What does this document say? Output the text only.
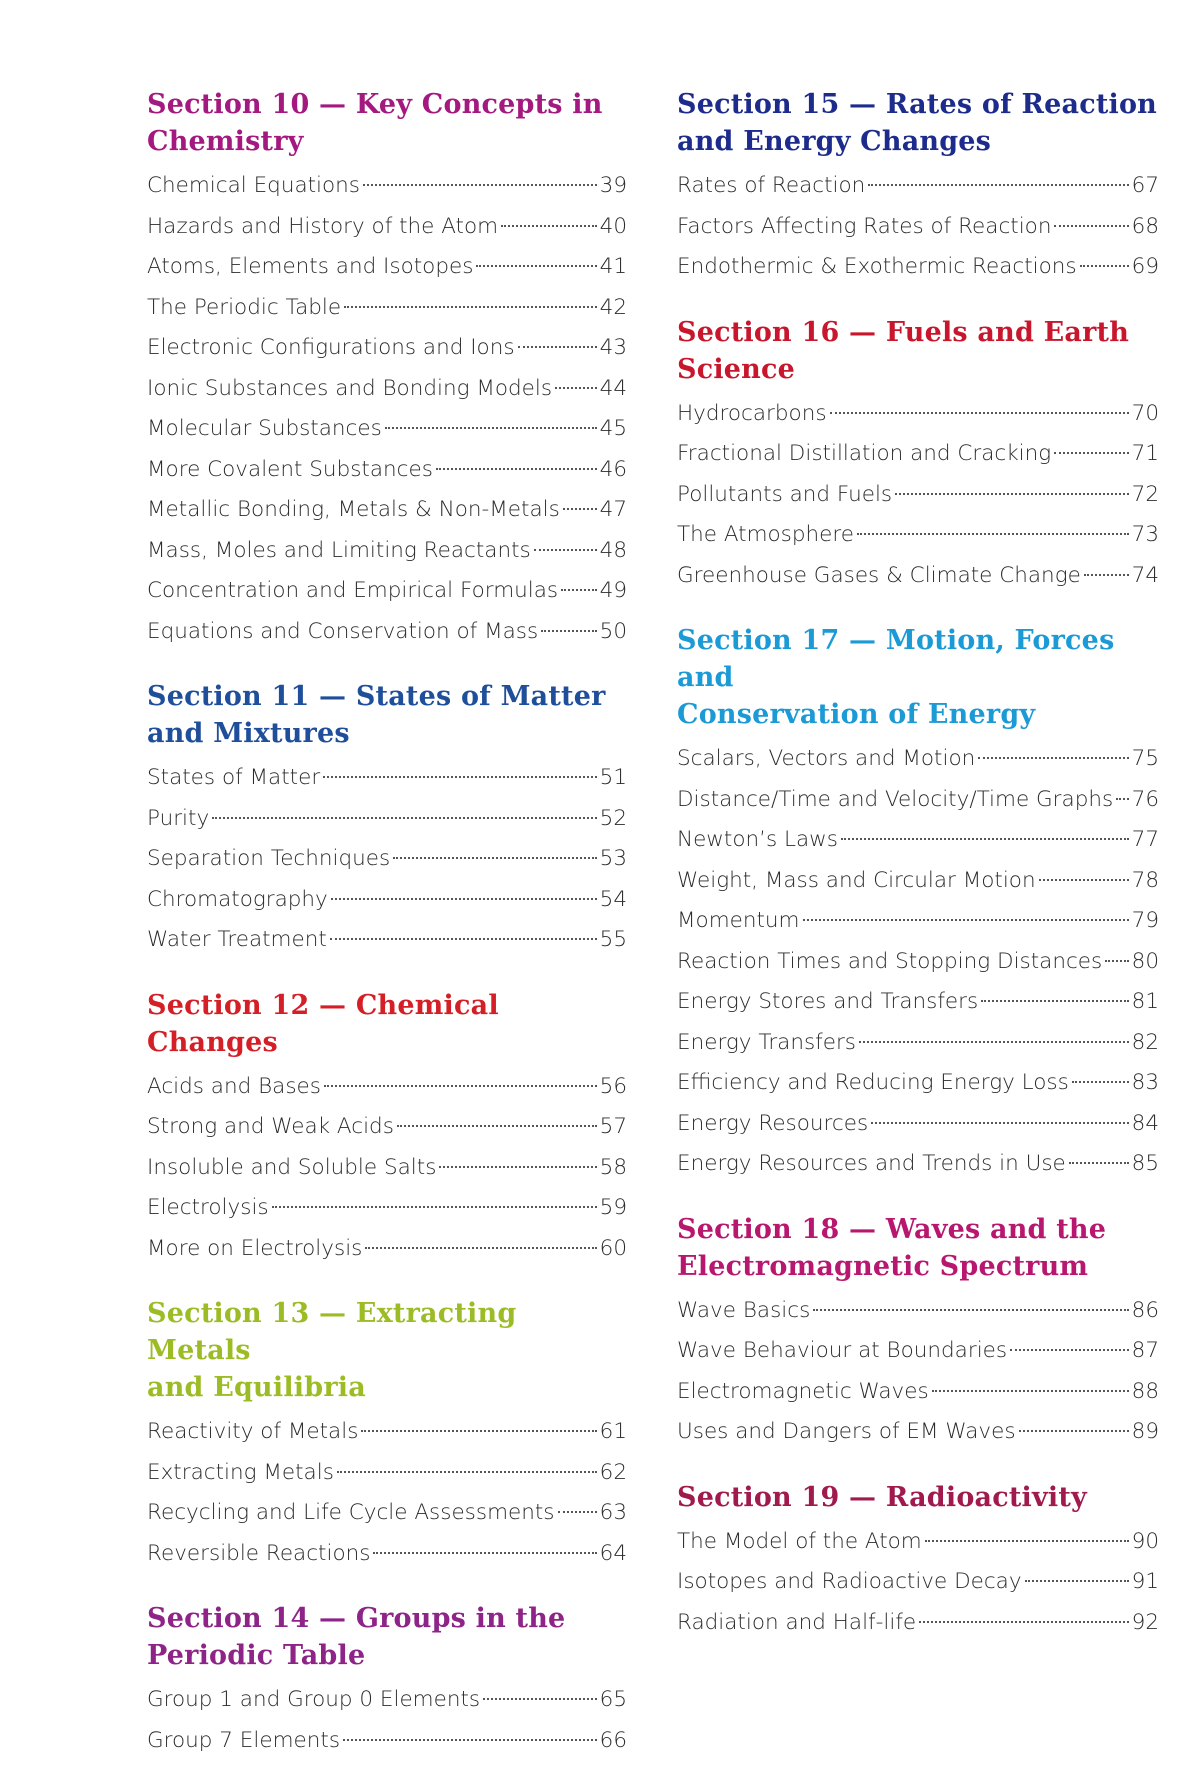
Section 10 — Key Concepts in
Chemistry
Chemical Equations	39
Hazards and History of the Atom	40
Atoms, Elements and Isotopes	41
The Periodic Table	42
Electronic Configurations and Ions	43
Ionic Substances and Bonding Models 44
Molecular Substances	45
More Covalent Substances	46
Metallic Bonding, Metals & Non-Metals 47
Mass, Moles and Limiting Reactants	48
Concentration and Empirical Formulas 49
Equations and Conservation of Mass	50
Section 11 — States of Matter
and Mixtures
States of Matter	51
Purity	52
Separation Techniques	53
Chromatography	54
Water Treatment	55
Section 12 — Chemical Changes
Acids and Bases	56
Strong and Weak Acids	57
Insoluble and Soluble Salts	58
Electrolysis	59
More on Electrolysis	60
Section 13 — Extracting Metals
and Equilibria
Reactivity of Metals	61
Extracting Metals	62
Recycling and Life Cycle Assessments 63
Reversible Reactions	64
Section 14 — Groups in the
Periodic Table
Group 1 and Group 0 Elements	65
Group 7 Elements	66
Section 15 — Rates of Reaction
and Energy Changes
Rates of Reaction	67
Factors Affecting Rates of Reaction	68
Endothermic & Exothermic Reactions	69
Section 16 — Fuels and Earth
Science
Hydrocarbons	70
Fractional Distillation and Cracking	71
Pollutants and Fuels	72
The Atmosphere	73
Greenhouse Gases & Climate Change 74
Section 17 — Motion, Forces and
Conservation of Energy
Scalars, Vectors and Motion	75
Distance/Time and Velocity/Time Graphs 76
Newton’s Laws	77
Weight, Mass and Circular Motion	78
Momentum	79
Reaction Times and Stopping Distances 80
Energy Stores and Transfers	81
Energy Transfers	82
Efficiency and Reducing Energy Loss	83
Energy Resources	84
Energy Resources and Trends in Use	85
Section 18 — Waves and the
Electromagnetic Spectrum
Wave Basics	86
Wave Behaviour at Boundaries	87
Electromagnetic Waves	88
Uses and Dangers of EM Waves	89
Section 19 — Radioactivity
The Model of the Atom	90
Isotopes and Radioactive Decay	91
Radiation and Half-life	92
